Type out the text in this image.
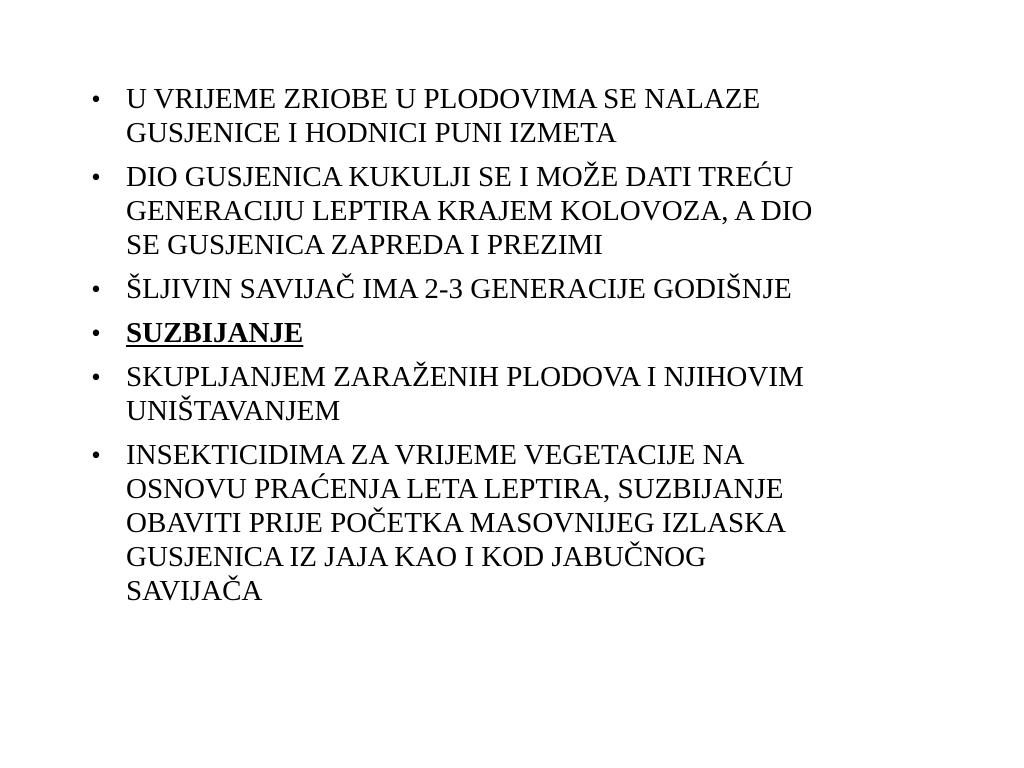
• U VRIJEME ZRIOBE U PLODOVIMA SE NALAZE
GUSJENICE I HODNICI PUNI IZMETA
• DIO GUSJENICA KUKULJI SE I MOŽE DATI TREĆU
GENERACIJU LEPTIRA KRAJEM KOLOVOZA, A DIO
SE GUSJENICA ZAPREDA I PREZIMI
• ŠLJIVIN SAVIJAČ IMA 2-3 GENERACIJE GODIŠNJE
• SUZBIJANJE
• SKUPLJANJEM ZARAŽENIH PLODOVA I NJIHOVIM
UNIŠTAVANJEM
• INSEKTICIDIMA ZA VRIJEME VEGETACIJE NA
OSNOVU PRAĆENJA LETA LEPTIRA, SUZBIJANJE
OBAVITI PRIJE POČETKA MASOVNIJEG IZLASKA
GUSJENICA IZ JAJA KAO I KOD JABUČNOG
SAVIJAČA
